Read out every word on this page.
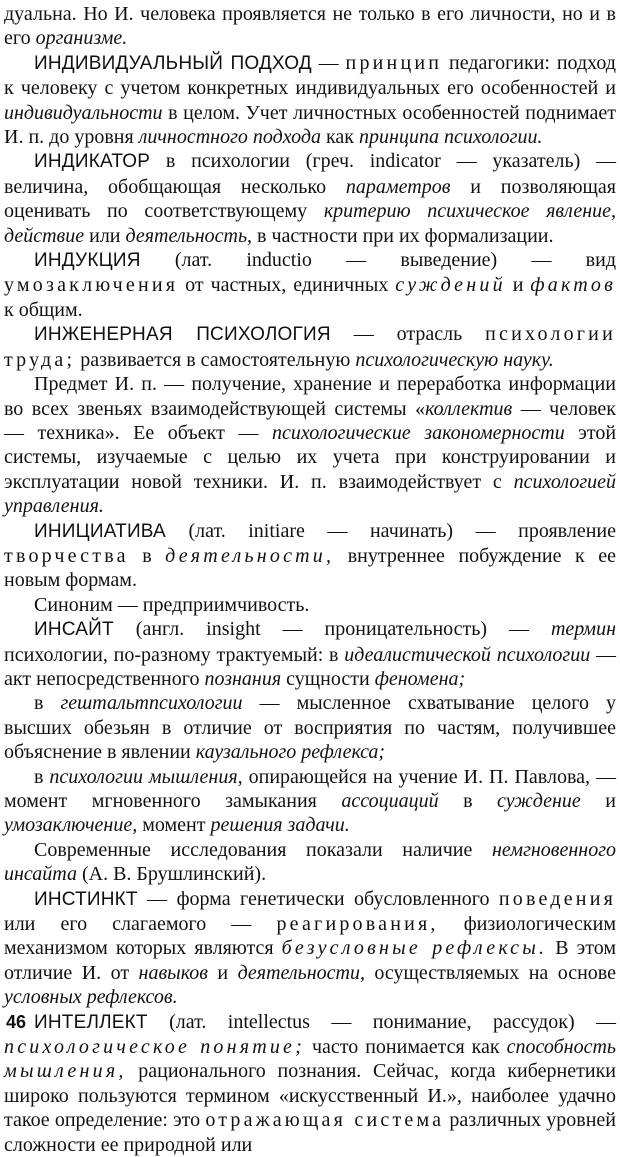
дуальна. Но И. человека проявляется не только в его личности, но и в его организме.

ИНДИВИДУАЛЬНЫЙ ПОДХОД — принцип педагогики: подход к человеку с учетом конкретных индивидуальных его особенностей и индивидуальности в целом. Учет личностных особенностей поднимает И. п. до уровня личностного подхода как принципа психологии.

ИНДИКАТОР в психологии (греч. indicator — указатель) — величина, обобщающая несколько параметров и позволяющая оценивать по соответствующему критерию психическое явление, действие или деятельность, в частности при их формализации.

ИНДУКЦИЯ (лат. inductio — выведение) — вид умозаключения от частных, единичных суждений и фактов к общим.

ИНЖЕНЕРНАЯ ПСИХОЛОГИЯ — отрасль психологии труда; развивается в самостоятельную психологическую науку.

Предмет И. п. — получение, хранение и переработка информации во всех звеньях взаимодействующей системы «коллектив — человек — техника». Ее объект — психологические закономерности этой системы, изучаемые с целью их учета при конструировании и эксплуатации новой техники. И. п. взаимодействует с психологией управления.

ИНИЦИАТИВА (лат. initiare — начинать) — проявление творчества в деятельности, внутреннее побуждение к ее новым формам.

Синоним — предприимчивость.

ИНСАЙТ (англ. insight — проницательность) — термин психологии, по-разному трактуемый: в идеалистической психологии — акт непосредственного познания сущности феномена;

в гештальтпсихологии — мысленное схватывание целого у высших обезьян в отличие от восприятия по частям, получившее объяснение в явлении каузального рефлекса;

в психологии мышления, опирающейся на учение И. П. Павлова, — момент мгновенного замыкания ассоциаций в суждение и умозаключение, момент решения задачи.

Современные исследования показали наличие немгновенного инсайта (А. В. Брушлинский).

ИНСТИНКТ — форма генетически обусловленного поведения или его слагаемого — реагирования, физиологическим механизмом которых являются безусловные рефлексы. В этом отличие И. от навыков и деятельности, осуществляемых на основе условных рефлексов.

ИНТЕЛЛЕКТ (лат. intellectus — понимание, рассудок) — психологическое понятие; часто понимается как способность мышления, рационального познания. Сейчас, когда кибернетики широко пользуются термином «искусственный И.», наиболее удачно такое определение: это отражающая система различных уровней сложности ее природной или

46
